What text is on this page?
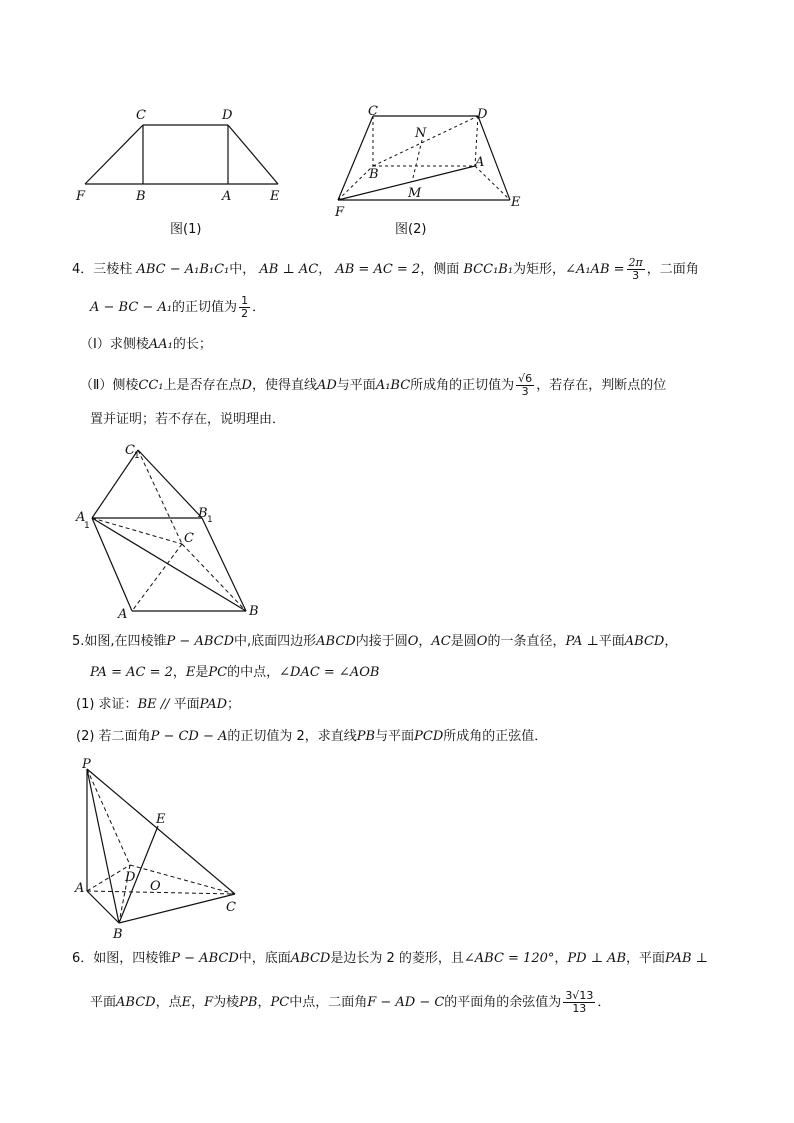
C	D
F	B	A	E
图(1)
C	D
N
A
B
M
F
E
图(2)
4．三棱柱 ABC − A₁B₁C₁中， AB ⊥ AC， AB = AC = 2，侧面 BCC₁B₁为矩形，∠A₁AB = $\frac{2\pi}{3}$ ，二面角
A − BC − A₁的正切值为 $\frac{1}{2}$ ．
（Ⅰ）求侧棱AA₁的长；
（Ⅱ）侧棱CC₁上是否存在点D，使得直线AD与平面A₁BC所成角的正切值为 $\frac{√6}{3}$ ，若存在，判断点的位
置并证明；若不存在，说明理由．
C 1
B 1
A
1
C
A	B
5.如图,在四棱锥P − ABCD中,底面四边形ABCD内接于圆O，AC是圆O的一条直径，PA ⊥平面ABCD，
PA = AC = 2，E是PC的中点，∠DAC = ∠AOB
(1) 求证：BE // 平面PAD；
(2) 若二面角P − CD − A的正切值为 2，求直线PB与平面PCD所成角的正弦值．
P
E
D
O
A
C
B
6．如图，四棱锥P − ABCD中，底面ABCD是边长为 2 的菱形，且∠ABC = 120°，PD ⊥ AB，平面PAB ⊥
平面ABCD，点E，F为棱PB，PC中点，二面角F − AD − C的平面角的余弦值为 $\frac{3√13}{13}$ ．
